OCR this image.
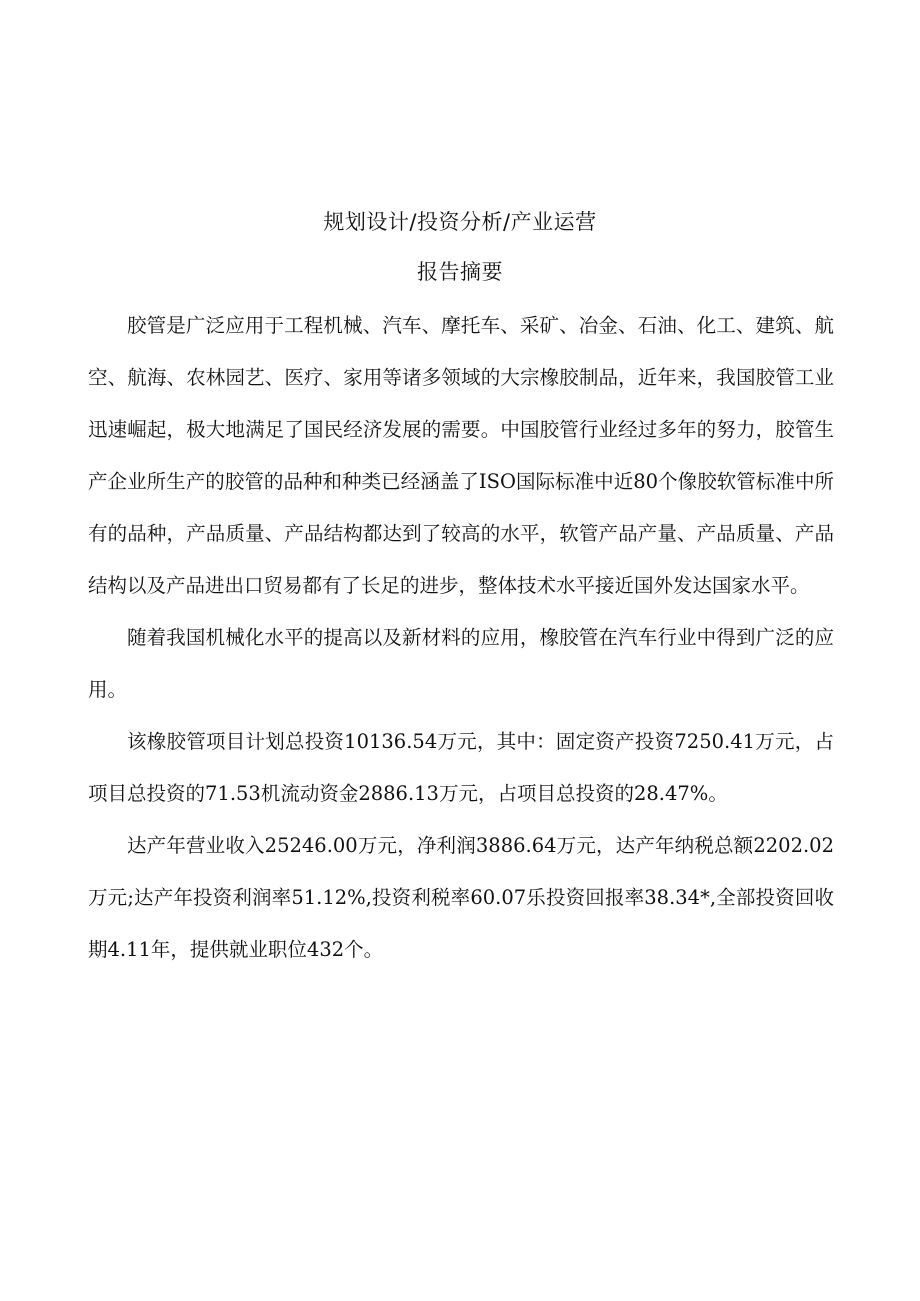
规划设计/投资分析/产业运营
报告摘要

胶管是广泛应用于工程机械、汽车、摩托车、采矿、冶金、石油、化工、建筑、航空、航海、农林园艺、医疗、家用等诸多领域的大宗橡胶制品，近年来，我国胶管工业迅速崛起，极大地满足了国民经济发展的需要。中国胶管行业经过多年的努力，胶管生产企业所生产的胶管的品种和种类已经涵盖了ISO国际标准中近80个像胶软管标准中所有的品种，产品质量、产品结构都达到了较高的水平，软管产品产量、产品质量、产品结构以及产品进出口贸易都有了长足的进步，整体技术水平接近国外发达国家水平。

随着我国机械化水平的提高以及新材料的应用，橡胶管在汽车行业中得到广泛的应用。

该橡胶管项目计划总投资10136.54万元，其中：固定资产投资7250.41万元，占项目总投资的71.53机流动资金2886.13万元，占项目总投资的28.47%。

达产年营业收入25246.00万元，净利润3886.64万元，达产年纳税总额2202.02万元;达产年投资利润率51.12%,投资利税率60.07乐投资回报率38.34*,全部投资回收期4.11年，提供就业职位432个。
